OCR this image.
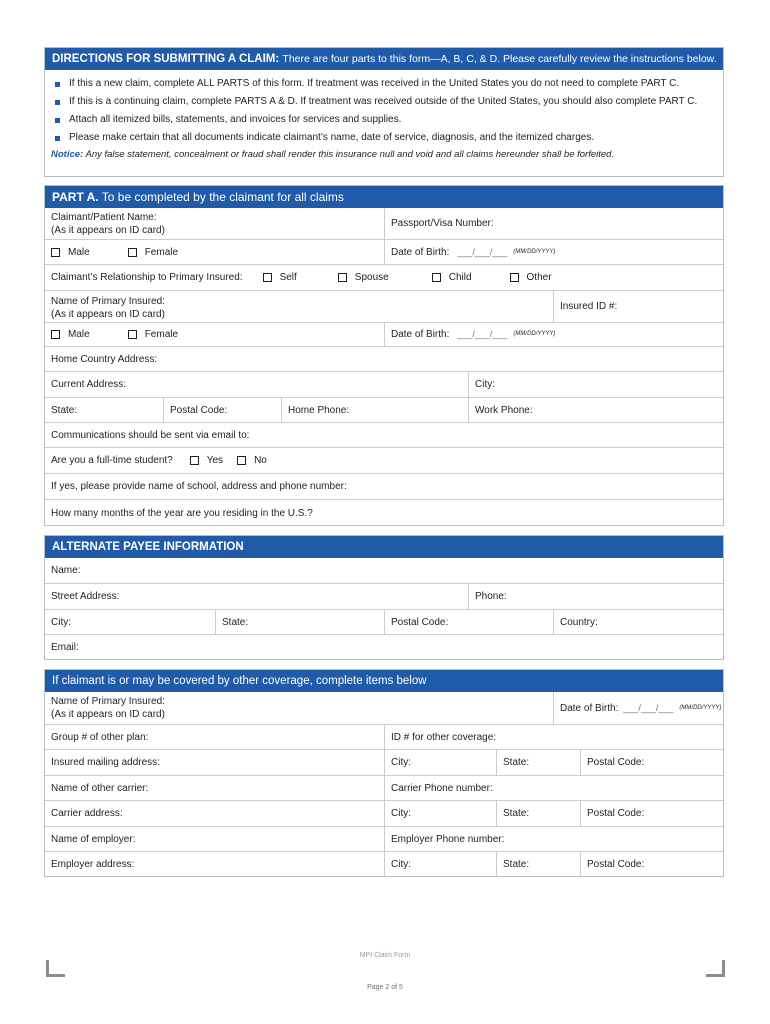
DIRECTIONS FOR SUBMITTING A CLAIM: There are four parts to this form—A, B, C, & D. Please carefully review the instructions below.
If this a new claim, complete ALL PARTS of this form. If treatment was received in the United States you do not need to complete PART C.
If this is a continuing claim, complete PARTS A & D. If treatment was received outside of the United States, you should also complete PART C.
Attach all itemized bills, statements, and invoices for services and supplies.
Please make certain that all documents indicate claimant’s name, date of service, diagnosis, and the itemized charges.
Notice: Any false statement, concealment or fraud shall render this insurance null and void and all claims hereunder shall be forfeited.
PART A. To be completed by the claimant for all claims
Claimant/Patient Name:
(As it appears on ID card)
Passport/Visa Number:
Male	Female	Date of Birth: ___/___/___ (MM/DD/YYYY)
Claimant’s Relationship to Primary Insured:	Self	Spouse	Child	Other
Name of Primary Insured:
(As it appears on ID card)
Insured ID #:
Male	Female	Date of Birth: ___/___/___ (MM/DD/YYYY)
Home Country Address:
Current Address:	City:
State:	Postal Code:	Home Phone:	Work Phone:
Communications should be sent via email to:
Are you a full-time student?	Yes	No
If yes, please provide name of school, address and phone number:
How many months of the year are you residing in the U.S.?
ALTERNATE PAYEE INFORMATION
Name:
Street Address:	Phone:
City:	State:	Postal Code:	Country:
Email:
If claimant is or may be covered by other coverage, complete items below
Name of Primary Insured:
(As it appears on ID card)
Date of Birth: ___/___/___ (MM/DD/YYYY)
Group # of other plan:	ID # for other coverage:
Insured mailing address:	City:	State:	Postal Code:
Name of other carrier:	Carrier Phone number:
Carrier address:	City:	State:	Postal Code:
Name of employer:	Employer Phone number:
Employer address:	City:	State:	Postal Code:
MPI Claim Form
Page 2 of 5
